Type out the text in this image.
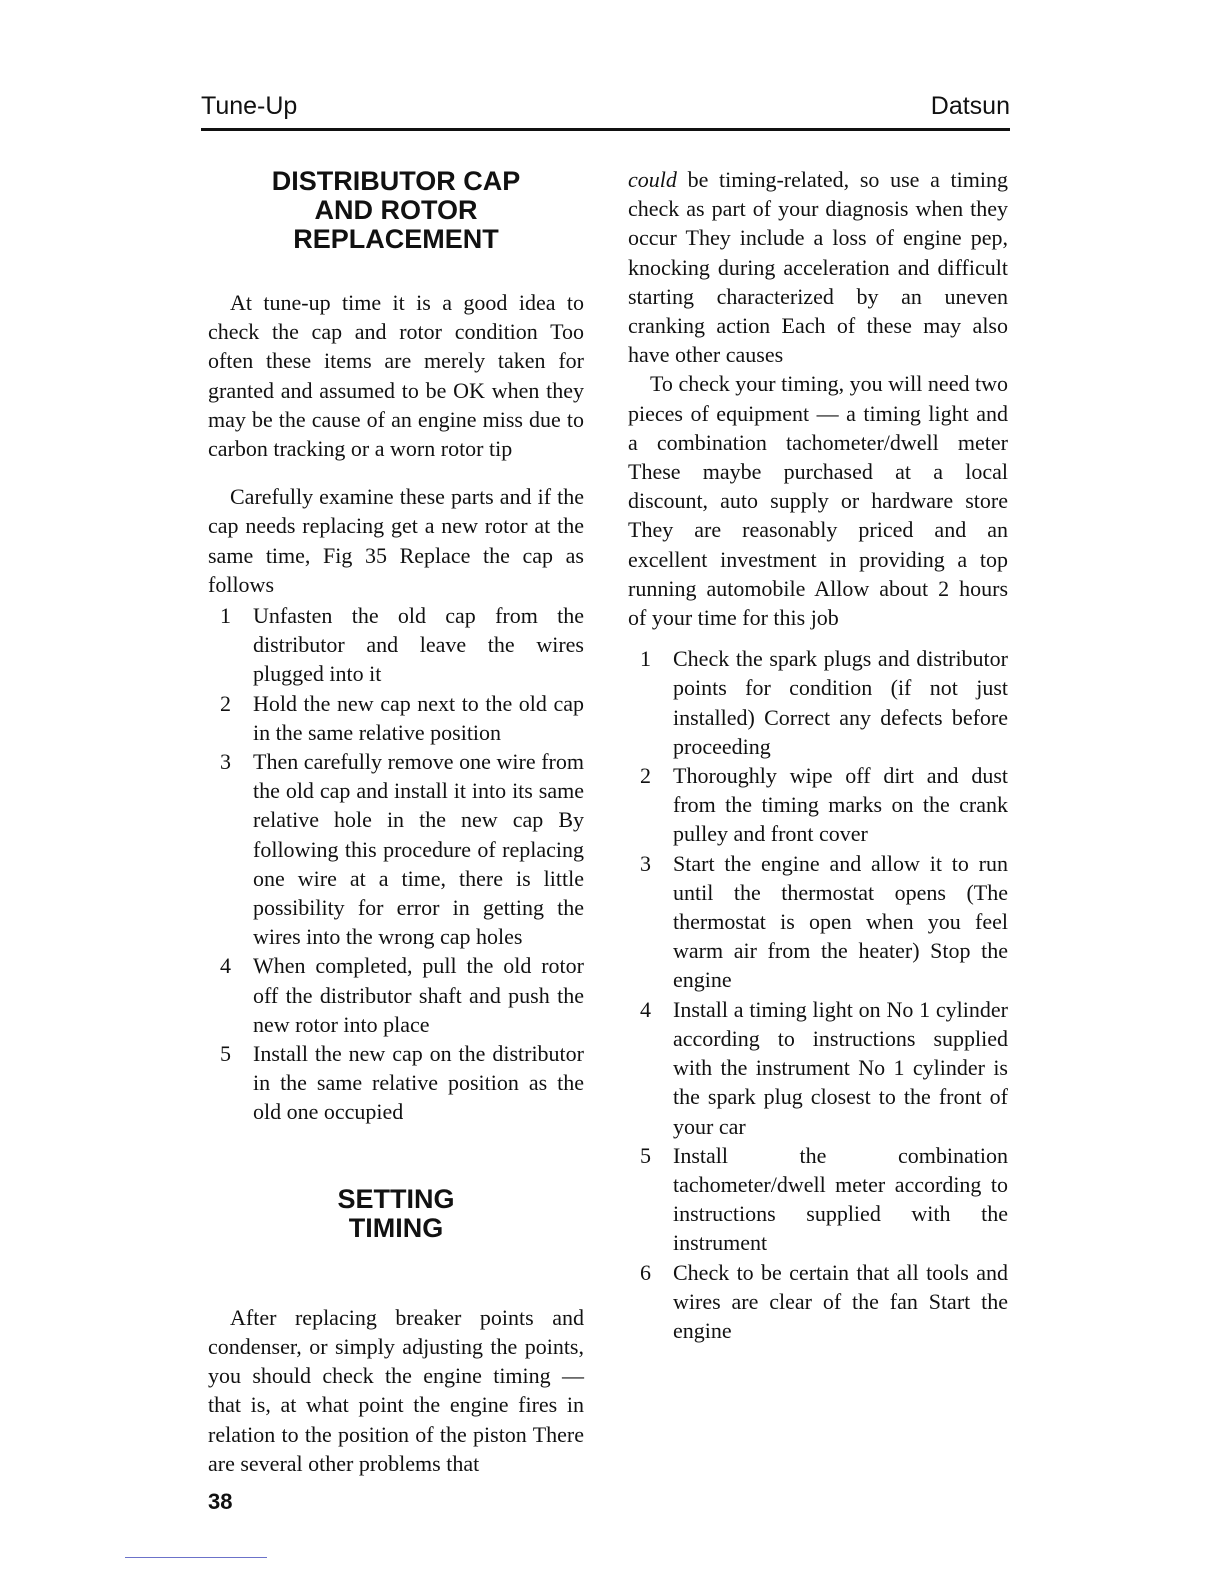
Tune-Up	Datsun
DISTRIBUTOR CAP
AND ROTOR
REPLACEMENT

At tune-up time it is a good idea to check the cap and rotor condition Too often these items are merely taken for granted and assumed to be OK when they may be the cause of an engine miss due to carbon tracking or a worn rotor tip

Carefully examine these parts and if the cap needs replacing get a new rotor at the same time, Fig 35 Replace the cap as follows

1 Unfasten the old cap from the distributor and leave the wires plugged into it
2 Hold the new cap next to the old cap in the same relative position
3 Then carefully remove one wire from the old cap and install it into its same relative hole in the new cap By following this procedure of replacing one wire at a time, there is little possibility for error in getting the wires into the wrong cap holes
4 When completed, pull the old rotor off the distributor shaft and push the new rotor into place
5 Install the new cap on the distributor in the same relative position as the old one occupied
SETTING
TIMING

After replacing breaker points and condenser, or simply adjusting the points, you should check the engine timing — that is, at what point the engine fires in relation to the position of the piston There are several other problems that

could be timing-related, so use a timing check as part of your diagnosis when they occur They include a loss of engine pep, knocking during acceleration and difficult starting characterized by an uneven cranking action Each of these may also have other causes

To check your timing, you will need two pieces of equipment — a timing light and a combination tachometer/dwell meter These maybe purchased at a local discount, auto supply or hardware store They are reasonably priced and an excellent investment in providing a top running automobile Allow about 2 hours of your time for this job

1 Check the spark plugs and distributor points for condition (if not just installed) Correct any defects before proceeding
2 Thoroughly wipe off dirt and dust from the timing marks on the crank pulley and front cover
3 Start the engine and allow it to run until the thermostat opens (The thermostat is open when you feel warm air from the heater) Stop the engine
4 Install a timing light on No 1 cylinder according to instructions supplied with the instrument No 1 cylinder is the spark plug closest to the front of your car
5 Install the combination tachometer/dwell meter according to instructions supplied with the instrument
6 Check to be certain that all tools and wires are clear of the fan Start the engine
38
